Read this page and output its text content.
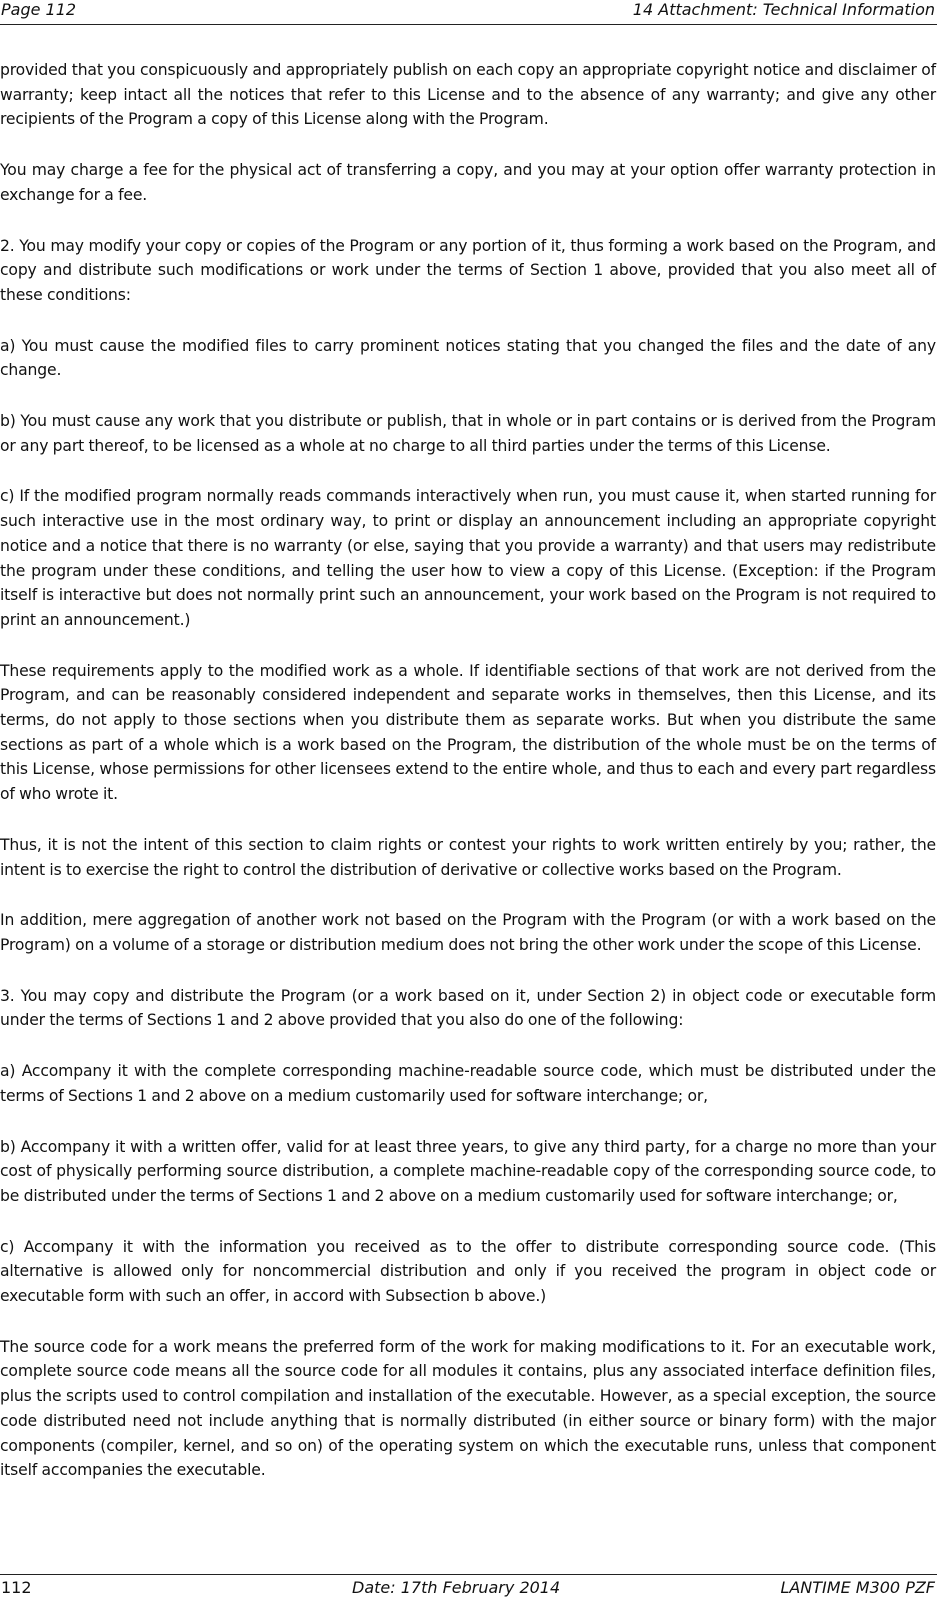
Page 112	14 Attachment: Technical Information

provided that you conspicuously and appropriately publish on each copy an appropriate copyright notice and disclaimer of warranty; keep intact all the notices that refer to this License and to the absence of any warranty; and give any other recipients of the Program a copy of this License along with the Program.

You may charge a fee for the physical act of transferring a copy, and you may at your option offer warranty protection in exchange for a fee.

2. You may modify your copy or copies of the Program or any portion of it, thus forming a work based on the Program, and copy and distribute such modifications or work under the terms of Section 1 above, provided that you also meet all of these conditions:

a) You must cause the modified files to carry prominent notices stating that you changed the files and the date of any change.

b) You must cause any work that you distribute or publish, that in whole or in part contains or is derived from the Program or any part thereof, to be licensed as a whole at no charge to all third parties under the terms of this License.

c) If the modified program normally reads commands interactively when run, you must cause it, when started running for such interactive use in the most ordinary way, to print or display an announcement including an appropriate copyright notice and a notice that there is no warranty (or else, saying that you provide a warranty) and that users may redistribute the program under these conditions, and telling the user how to view a copy of this License. (Exception: if the Program itself is interactive but does not normally print such an announcement, your work based on the Program is not required to print an announcement.)

These requirements apply to the modified work as a whole. If identifiable sections of that work are not derived from the Program, and can be reasonably considered independent and separate works in themselves, then this License, and its terms, do not apply to those sections when you distribute them as separate works. But when you distribute the same sections as part of a whole which is a work based on the Program, the distribution of the whole must be on the terms of this License, whose permissions for other licensees extend to the entire whole, and thus to each and every part regardless of who wrote it.

Thus, it is not the intent of this section to claim rights or contest your rights to work written entirely by you; rather, the intent is to exercise the right to control the distribution of derivative or collective works based on the Program.

In addition, mere aggregation of another work not based on the Program with the Program (or with a work based on the Program) on a volume of a storage or distribution medium does not bring the other work under the scope of this License.

3. You may copy and distribute the Program (or a work based on it, under Section 2) in object code or executable form under the terms of Sections 1 and 2 above provided that you also do one of the following:

a) Accompany it with the complete corresponding machine-readable source code, which must be distributed under the terms of Sections 1 and 2 above on a medium customarily used for software interchange; or,

b) Accompany it with a written offer, valid for at least three years, to give any third party, for a charge no more than your cost of physically performing source distribution, a complete machine-readable copy of the corresponding source code, to be distributed under the terms of Sections 1 and 2 above on a medium customarily used for software interchange; or,

c) Accompany it with the information you received as to the offer to distribute corresponding source code. (This alternative is allowed only for noncommercial distribution and only if you received the program in object code or executable form with such an offer, in accord with Subsection b above.)

The source code for a work means the preferred form of the work for making modifications to it. For an executable work, complete source code means all the source code for all modules it contains, plus any associated interface definition files, plus the scripts used to control compilation and installation of the executable. However, as a special exception, the source code distributed need not include anything that is normally distributed (in either source or binary form) with the major components (compiler, kernel, and so on) of the operating system on which the executable runs, unless that component itself accompanies the executable.

112	Date: 17th February 2014	LANTIME M300 PZF
